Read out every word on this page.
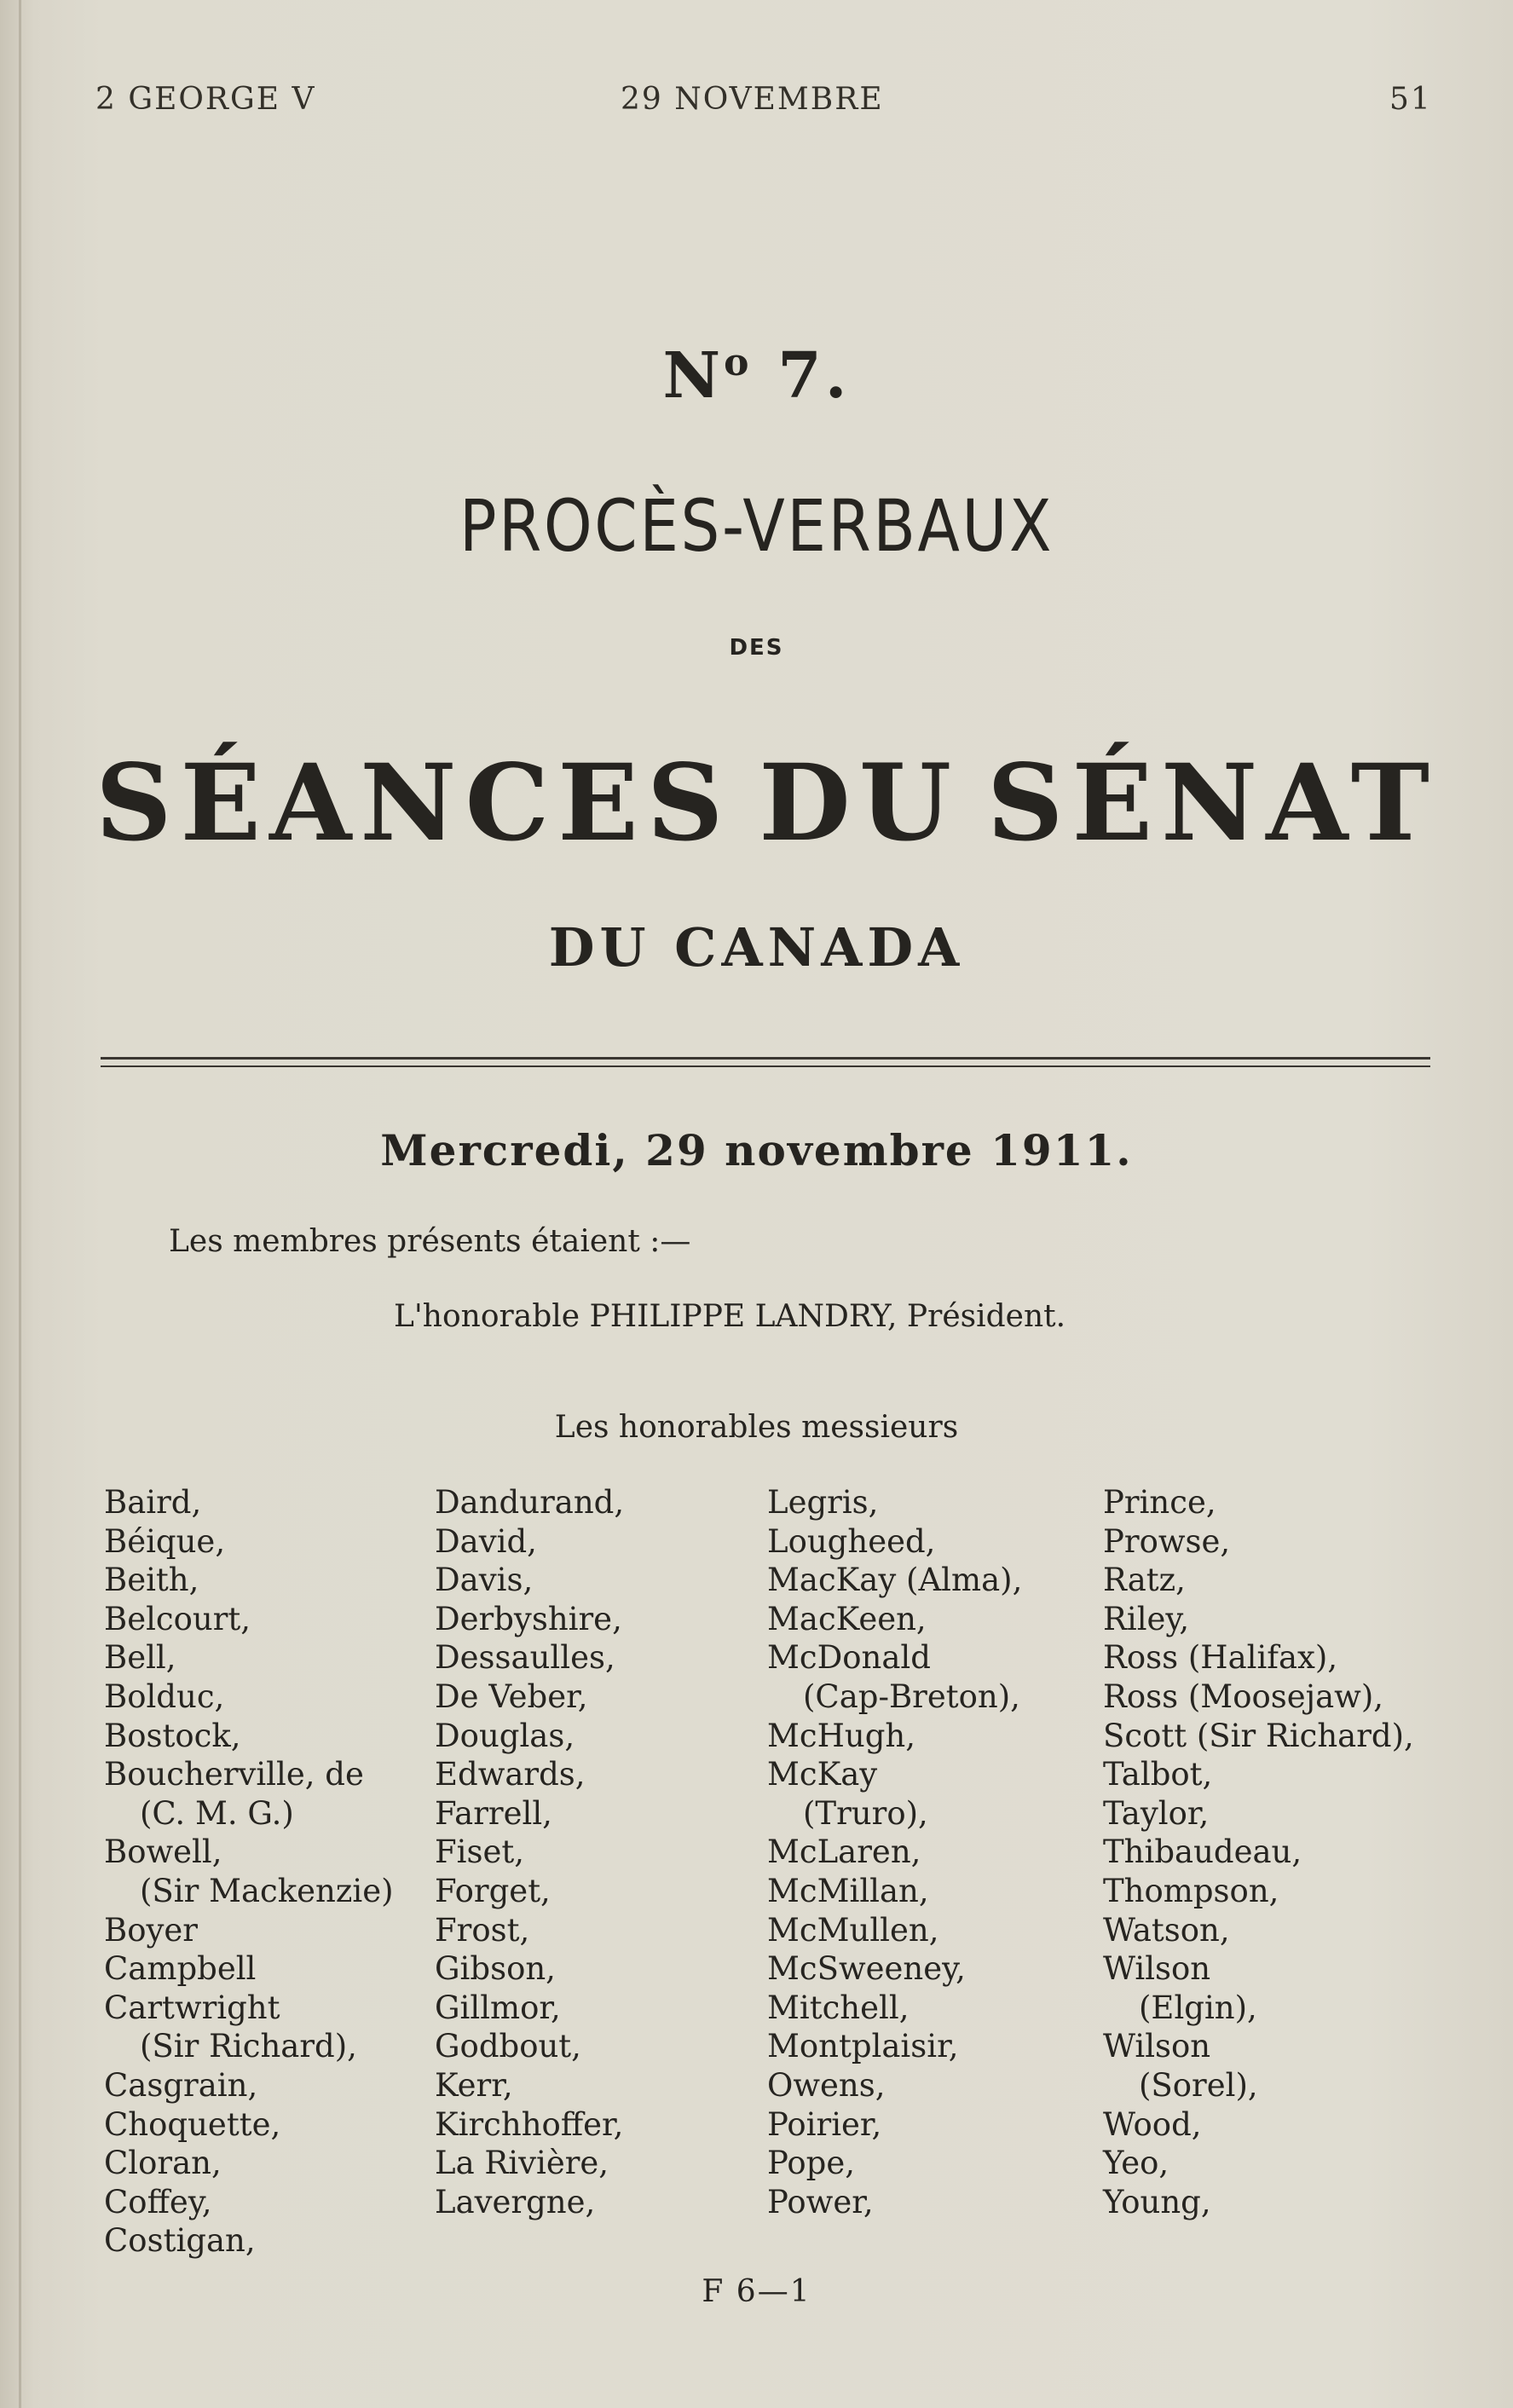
2 GEORGE V	29 NOVEMBRE	51
$N^o$ 7.
PROCÈS-VERBAUX
DES
SÉANCES DU SÉNAT
DU CANADA
Mercredi, 29 novembre 1911.
Les membres présents étaient :—
L'honorable PHILIPPE LANDRY, Président.
Les honorables messieurs
Baird,
Béique,
Beith,
Belcourt,
Bell,
Bolduc,
Bostock,
Boucherville, de
(C. M. G.)
Bowell,
(Sir Mackenzie)
Boyer
Campbell
Cartwright
(Sir Richard),
Casgrain,
Choquette,
Cloran,
Coffey,
Costigan,
Dandurand,
David,
Davis,
Derbyshire,
Dessaulles,
De Veber,
Douglas,
Edwards,
Farrell,
Fiset,
Forget,
Frost,
Gibson,
Gillmor,
Godbout,
Kerr,
Kirchhoffer,
La Rivière,
Lavergne,
Legris,
Lougheed,
MacKay (Alma),
MacKeen,
McDonald
(Cap-Breton),
McHugh,
McKay
(Truro),
McLaren,
McMillan,
McMullen,
McSweeney,
Mitchell,
Montplaisir,
Owens,
Poirier,
Pope,
Power,
Prince,
Prowse,
Ratz,
Riley,
Ross (Halifax),
Ross (Moosejaw),
Scott (Sir Richard),
Talbot,
Taylor,
Thibaudeau,
Thompson,
Watson,
Wilson
(Elgin),
Wilson
(Sorel),
Wood,
Yeo,
Young,
F 6—1
